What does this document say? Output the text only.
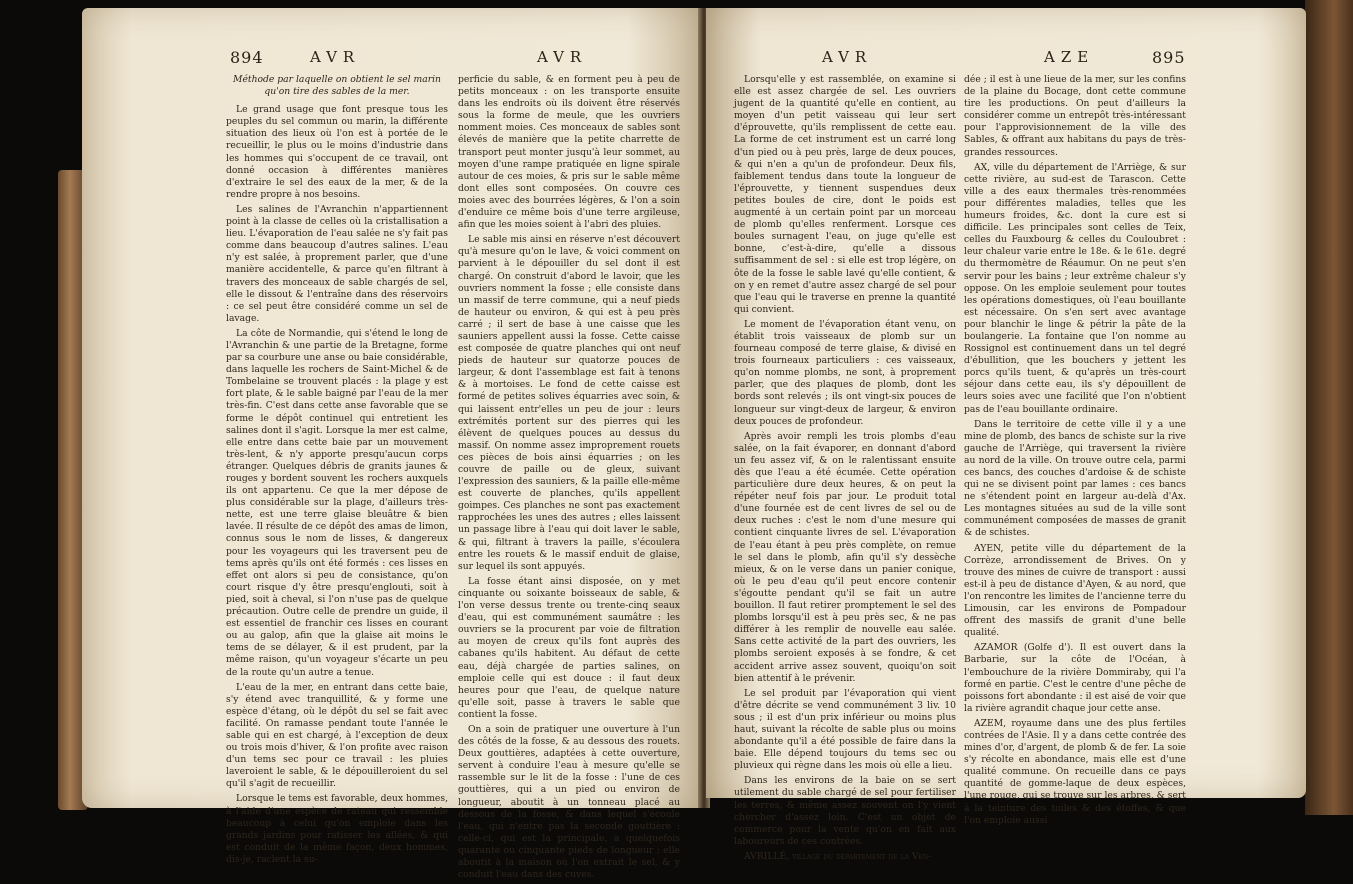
894	AVR	AVR

Méthode par laquelle on obtient le sel marin qu'on tire des sables de la mer.

Le grand usage que font presque tous les peuples du sel commun ou marin, la différente situation des lieux où l'on est à portée de le recueillir, le plus ou le moins d'industrie dans les hommes qui s'occupent de ce travail, ont donné occasion à différentes manières d'extraire le sel des eaux de la mer, & de la rendre propre à nos besoins.

Les salines de l'Avranchin n'appartiennent point à la classe de celles où la cristallisation a lieu. L'évaporation de l'eau salée ne s'y fait pas comme dans beaucoup d'autres salines. L'eau n'y est salée, à proprement parler, que d'une manière accidentelle, & parce qu'en filtrant à travers des monceaux de sable chargés de sel, elle le dissout & l'entraîne dans des réservoirs : ce sel peut être considéré comme un sel de lavage.

La côte de Normandie, qui s'étend le long de l'Avranchin & une partie de la Bretagne, forme par sa courbure une anse ou baie considérable, dans laquelle les rochers de Saint-Michel & de Tombelaine se trouvent placés : la plage y est fort plate, & le sable baigné par l'eau de la mer très-fin. C'est dans cette anse favorable que se forme le dépôt continuel qui entretient les salines dont il s'agit. Lorsque la mer est calme, elle entre dans cette baie par un mouvement très-lent, & n'y apporte presqu'aucun corps étranger. Quelques débris de granits jaunes & rouges y bordent souvent les rochers auxquels ils ont appartenu. Ce que la mer dépose de plus considérable sur la plage, d'ailleurs très-nette, est une terre glaise bleuâtre & bien lavée. Il résulte de ce dépôt des amas de limon, connus sous le nom de lisses, & dangereux pour les voyageurs qui les traversent peu de tems après qu'ils ont été formés : ces lisses en effet ont alors si peu de consistance, qu'on court risque d'y être presqu'englouti, soit à pied, soit à cheval, si l'on n'use pas de quelque précaution. Outre celle de prendre un guide, il est essentiel de franchir ces lisses en courant ou au galop, afin que la glaise ait moins le tems de se délayer, & il est prudent, par la même raison, qu'un voyageur s'écarte un peu de la route qu'un autre a tenue.

L'eau de la mer, en entrant dans cette baie, s'y étend avec tranquillité, & y forme une espèce d'étang, où le dépôt du sel se fait avec facilité. On ramasse pendant toute l'année le sable qui en est chargé, à l'exception de deux ou trois mois d'hiver, & l'on profite avec raison d'un tems sec pour ce travail : les pluies laveroient le sable, & le dépouilleroient du sel qu'il s'agit de recueillir.

Lorsque le tems est favorable, deux hommes, à l'aide d'une espèce de rateau qui ressemble beaucoup à celui qu'on emploie dans les grands jardins pour ratisser les allées, & qui est conduit de la même façon, deux hommes, dis-je, raclent la su-

perficie du sable, & en forment peu à peu de petits monceaux : on les transporte ensuite dans les endroits où ils doivent être réservés sous la forme de meule, que les ouvriers nomment moies. Ces monceaux de sables sont élevés de manière que la petite charrette de transport peut monter jusqu'à leur sommet, au moyen d'une rampe pratiquée en ligne spirale autour de ces moies, & pris sur le sable même dont elles sont composées. On couvre ces moies avec des bourrées légères, & l'on a soin d'enduire ce même bois d'une terre argileuse, afin que les moies soient à l'abri des pluies.

Le sable mis ainsi en réserve n'est découvert qu'à mesure qu'on le lave, & voici comment on parvient à le dépouiller du sel dont il est chargé. On construit d'abord le lavoir, que les ouvriers nomment la fosse ; elle consiste dans un massif de terre commune, qui a neuf pieds de hauteur ou environ, & qui est à peu près carré ; il sert de base à une caisse que les sauniers appellent aussi la fosse. Cette caisse est composée de quatre planches qui ont neuf pieds de hauteur sur quatorze pouces de largeur, & dont l'assemblage est fait à tenons & à mortoises. Le fond de cette caisse est formé de petites solives équarries avec soin, & qui laissent entr'elles un peu de jour : leurs extrémités portent sur des pierres qui les élèvent de quelques pouces au dessus du massif. On nomme assez improprement rouets ces pièces de bois ainsi équarries ; on les couvre de paille ou de gleux, suivant l'expression des sauniers, & la paille elle-même est couverte de planches, qu'ils appellent goimpes. Ces planches ne sont pas exactement rapprochées les unes des autres ; elles laissent un passage libre à l'eau qui doit laver le sable, & qui, filtrant à travers la paille, s'écoulera entre les rouets & le massif enduit de glaise, sur lequel ils sont appuyés.

La fosse étant ainsi disposée, on y met cinquante ou soixante boisseaux de sable, & l'on verse dessus trente ou trente-cinq seaux d'eau, qui est communément saumâtre : les ouvriers se la procurent par voie de filtration au moyen de creux qu'ils font auprès des cabanes qu'ils habitent. Au défaut de cette eau, déjà chargée de parties salines, on emploie celle qui est douce : il faut deux heures pour que l'eau, de quelque nature qu'elle soit, passe à travers le sable que contient la fosse.

On a soin de pratiquer une ouverture à l'un des côtés de la fosse, & au dessous des rouets. Deux gouttières, adaptées à cette ouverture, servent à conduire l'eau à mesure qu'elle se rassemble sur le lit de la fosse : l'une de ces gouttières, qui a un pied ou environ de longueur, aboutit à un tonneau placé au dessous de la fosse, & dans lequel s'écoule l'eau, qui n'entre pas la seconde gouttière : celle-ci, qui est la principale, a quelquefois quarante ou cinquante pieds de longueur ; elle aboutit à la maison où l'on extrait le sel, & y conduit l'eau dans des cuves.

AVR	AZE	895

Lorsqu'elle y est rassemblée, on examine si elle est assez chargée de sel. Les ouvriers jugent de la quantité qu'elle en contient, au moyen d'un petit vaisseau qui leur sert d'éprouvette, qu'ils remplissent de cette eau. La forme de cet instrument est un carré long d'un pied ou à peu près, large de deux pouces, & qui n'en a qu'un de profondeur. Deux fils, faiblement tendus dans toute la longueur de l'éprouvette, y tiennent suspendues deux petites boules de cire, dont le poids est augmenté à un certain point par un morceau de plomb qu'elles renferment. Lorsque ces boules surnagent l'eau, on juge qu'elle est bonne, c'est-à-dire, qu'elle a dissous suffisamment de sel : si elle est trop légère, on ôte de la fosse le sable lavé qu'elle contient, & on y en remet d'autre assez chargé de sel pour que l'eau qui le traverse en prenne la quantité qui convient.

Le moment de l'évaporation étant venu, on établit trois vaisseaux de plomb sur un fourneau composé de terre glaise, & divisé en trois fourneaux particuliers : ces vaisseaux, qu'on nomme plombs, ne sont, à proprement parler, que des plaques de plomb, dont les bords sont relevés ; ils ont vingt-six pouces de longueur sur vingt-deux de largeur, & environ deux pouces de profondeur.

Après avoir rempli les trois plombs d'eau salée, on la fait évaporer, en donnant d'abord un feu assez vif, & on le ralentissant ensuite dès que l'eau a été écumée. Cette opération particulière dure deux heures, & on peut la répéter neuf fois par jour. Le produit total d'une fournée est de cent livres de sel ou de deux ruches : c'est le nom d'une mesure qui contient cinquante livres de sel. L'évaporation de l'eau étant à peu près complète, on remue le sel dans le plomb, afin qu'il s'y dessèche mieux, & on le verse dans un panier conique, où le peu d'eau qu'il peut encore contenir s'égoutte pendant qu'il se fait un autre bouillon. Il faut retirer promptement le sel des plombs lorsqu'il est à peu près sec, & ne pas différer à les remplir de nouvelle eau salée. Sans cette activité de la part des ouvriers, les plombs seroient exposés à se fondre, & cet accident arrive assez souvent, quoiqu'on soit bien attentif à le prévenir.

Le sel produit par l'évaporation qui vient d'être décrite se vend communément 3 liv. 10 sous ; il est d'un prix inférieur ou moins plus haut, suivant la récolte de sable plus ou moins abondante qu'il a été possible de faire dans la baie. Elle dépend toujours du tems sec ou pluvieux qui règne dans les mois où elle a lieu.

Dans les environs de la baie on se sert utilement du sable chargé de sel pour fertiliser les terres, & même assez souvent on l'y vient chercher d'assez loin. C'est un objet de commerce pour la vente qu'on en fait aux laboureurs de ces contrées.

AVRILLÉ, village du département de la Ven-

dée ; il est à une lieue de la mer, sur les confins de la plaine du Bocage, dont cette commune tire les productions. On peut d'ailleurs la considérer comme un entrepôt très-intéressant pour l'approvisionnement de la ville des Sables, & offrant aux habitans du pays de très-grandes ressources.

AX, ville du département de l'Arriège, & sur cette rivière, au sud-est de Tarascon. Cette ville a des eaux thermales très-renommées pour différentes maladies, telles que les humeurs froides, &c. dont la cure est si difficile. Les principales sont celles de Teix, celles du Fauxbourg & celles du Couloubret : leur chaleur varie entre le 18e. & le 61e. degré du thermomètre de Réaumur. On ne peut s'en servir pour les bains ; leur extrême chaleur s'y oppose. On les emploie seulement pour toutes les opérations domestiques, où l'eau bouillante est nécessaire. On s'en sert avec avantage pour blanchir le linge & pétrir la pâte de la boulangerie. La fontaine que l'on nomme au Rossignol est continuement dans un tel degré d'ébullition, que les bouchers y jettent les porcs qu'ils tuent, & qu'après un très-court séjour dans cette eau, ils s'y dépouillent de leurs soies avec une facilité que l'on n'obtient pas de l'eau bouillante ordinaire.

Dans le territoire de cette ville il y a une mine de plomb, des bancs de schiste sur la rive gauche de l'Arriège, qui traversent la rivière au nord de la ville. On trouve outre cela, parmi ces bancs, des couches d'ardoise & de schiste qui ne se divisent point par lames : ces bancs ne s'étendent point en largeur au-delà d'Ax. Les montagnes situées au sud de la ville sont communément composées de masses de granit & de schistes.

AYEN, petite ville du département de la Corrèze, arrondissement de Brives. On y trouve des mines de cuivre de transport : aussi est-il à peu de distance d'Ayen, & au nord, que l'on rencontre les limites de l'ancienne terre du Limousin, car les environs de Pompadour offrent des massifs de granit d'une belle qualité.

AZAMOR (Golfe d'). Il est ouvert dans la Barbarie, sur la côte de l'Océan, à l'embouchure de la rivière Dommiraby, qui l'a formé en partie. C'est le centre d'une pêche de poissons fort abondante : il est aisé de voir que la rivière agrandit chaque jour cette anse.

AZEM, royaume dans une des plus fertiles contrées de l'Asie. Il y a dans cette contrée des mines d'or, d'argent, de plomb & de fer. La soie s'y récolte en abondance, mais elle est d'une qualité commune. On recueille dans ce pays quantité de gomme-laque de deux espèces, l'une rouge, qui se trouve sur les arbres, & sert à la teinture des toiles & des étoffes, & que l'on emploie aussi
